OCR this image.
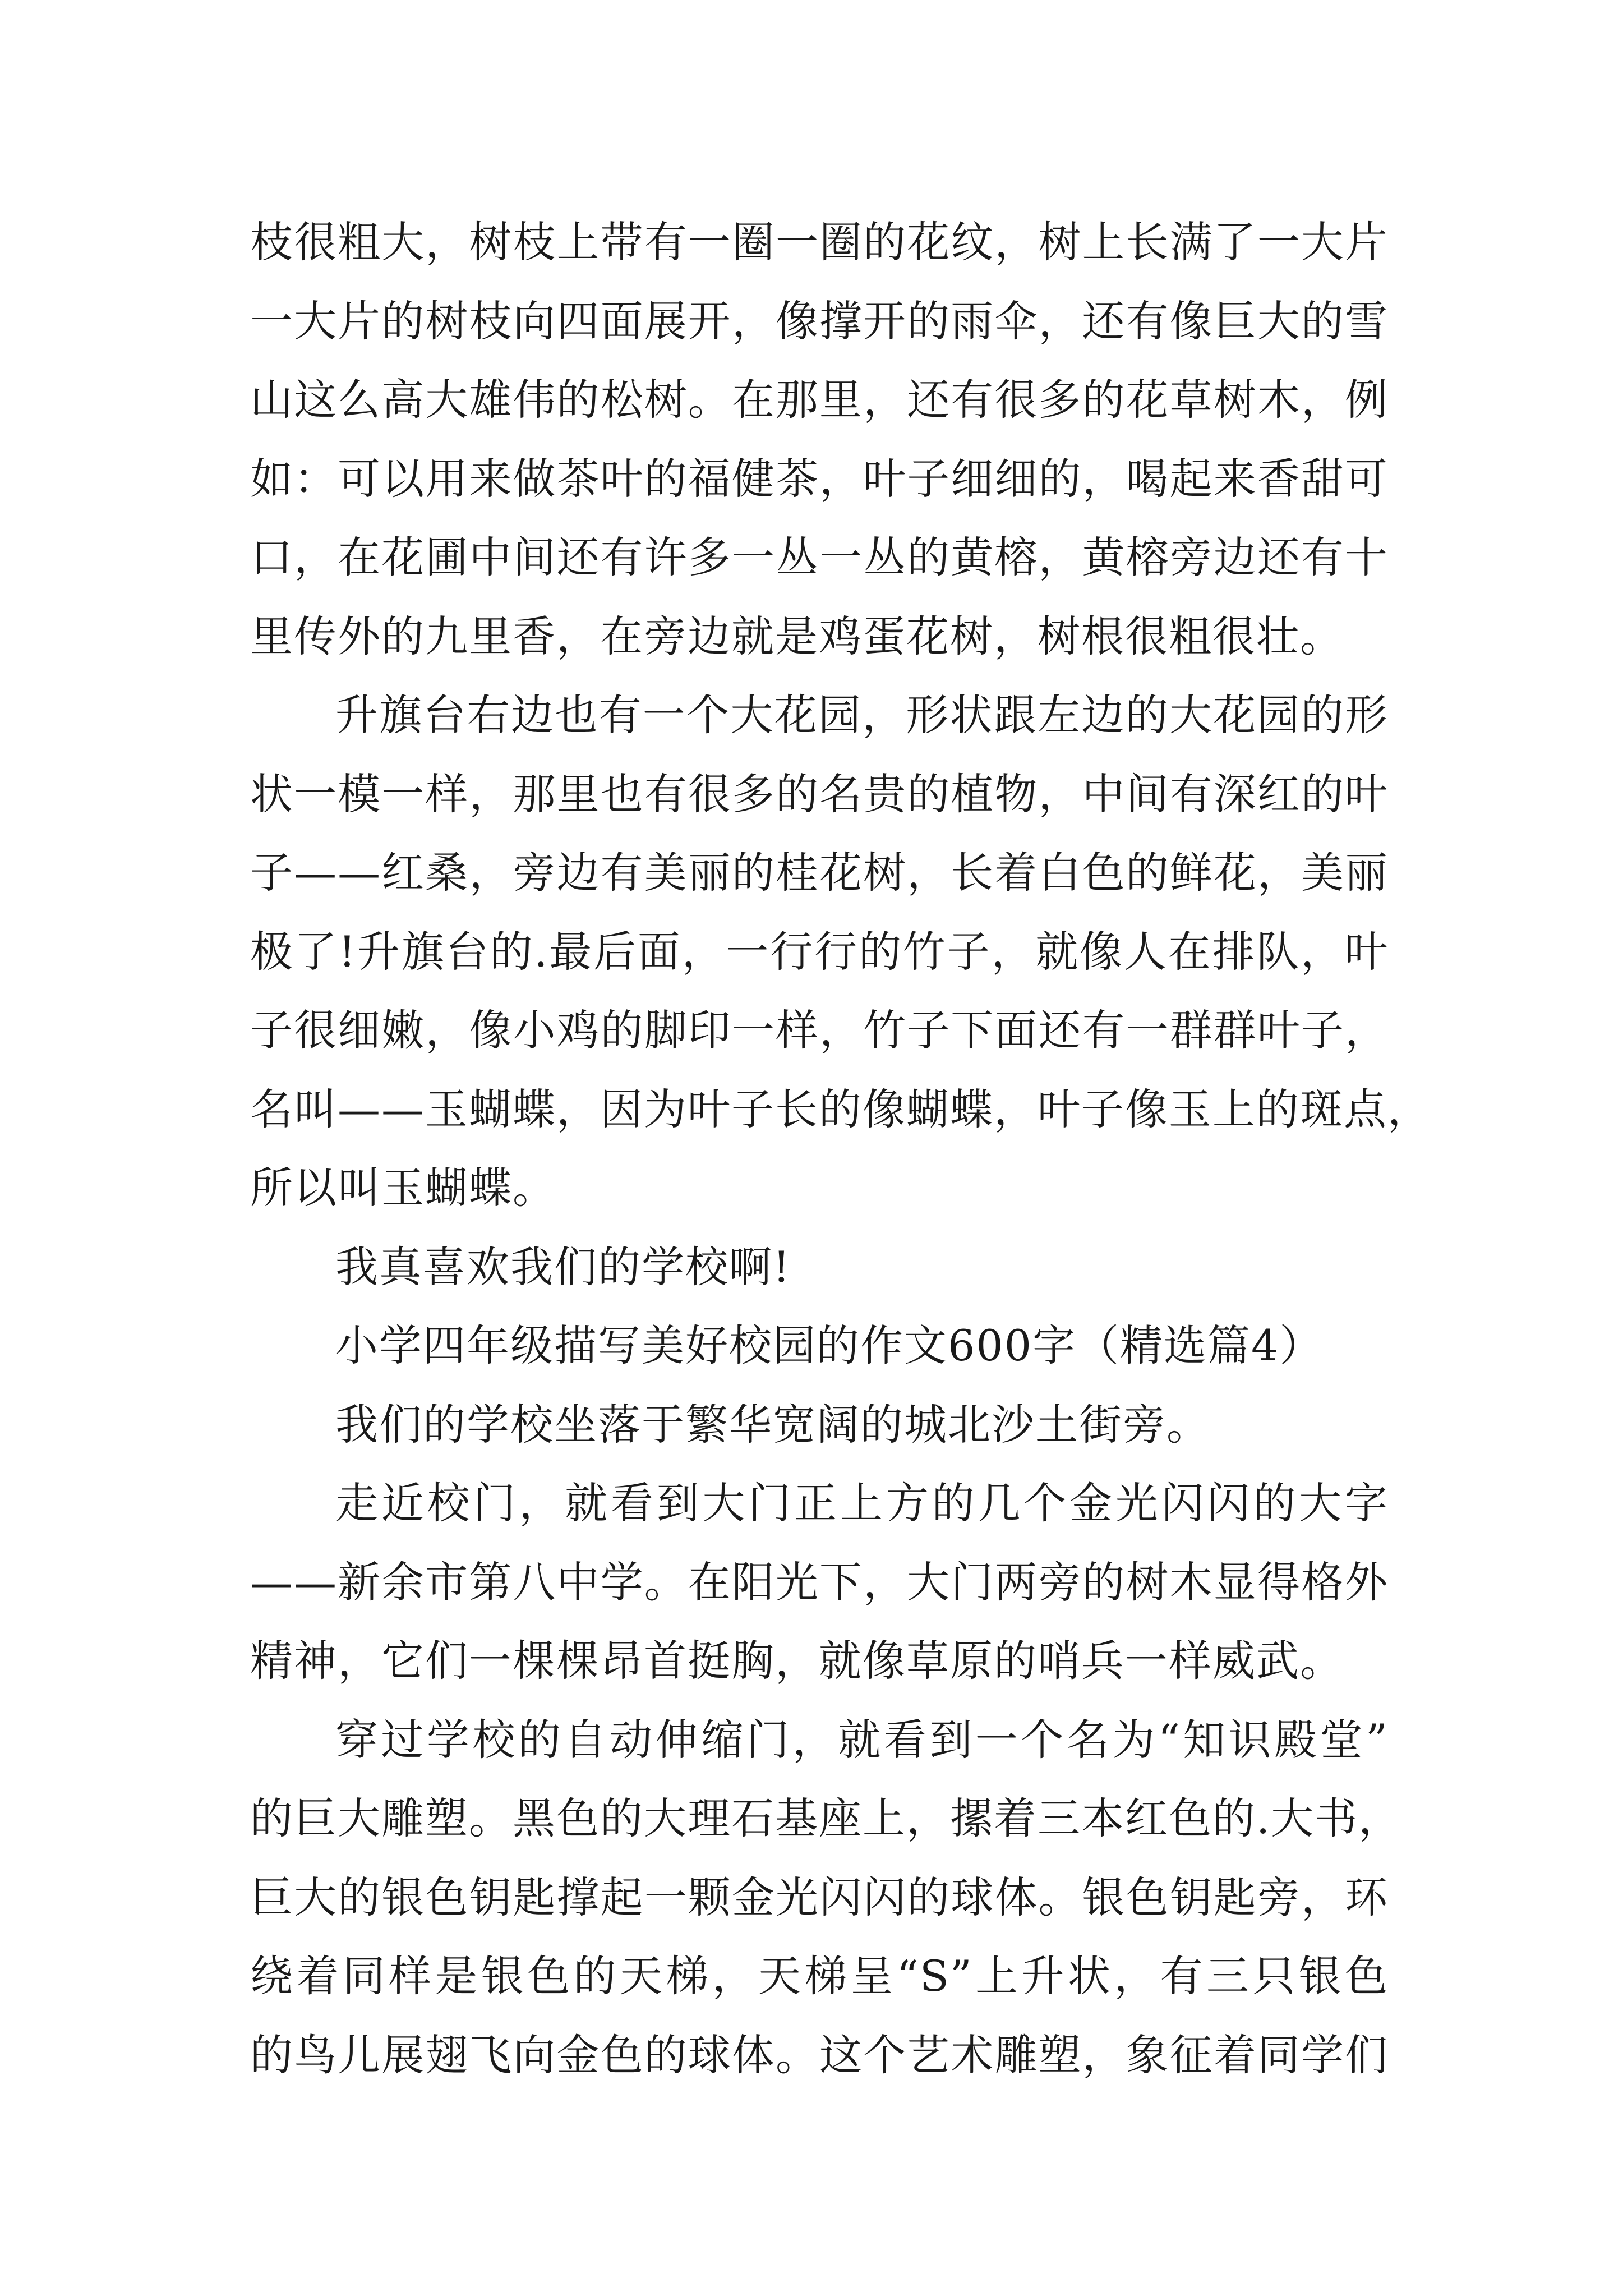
枝很粗大，树枝上带有一圈一圈的花纹，树上长满了一大片
一大片的树枝向四面展开，像撑开的雨伞，还有像巨大的雪
山这么高大雄伟的松树。在那里，还有很多的花草树木，例
如：可以用来做茶叶的福健茶，叶子细细的，喝起来香甜可
口，在花圃中间还有许多一丛一丛的黄榕，黄榕旁边还有十
里传外的九里香，在旁边就是鸡蛋花树，树根很粗很壮。
升旗台右边也有一个大花园，形状跟左边的大花园的形
状一模一样，那里也有很多的名贵的植物，中间有深红的叶
子——红桑，旁边有美丽的桂花树，长着白色的鲜花，美丽
极了!升旗台的.最后面，一行行的竹子，就像人在排队，叶
子很细嫩，像小鸡的脚印一样，竹子下面还有一群群叶子，
名叫——玉蝴蝶，因为叶子长的像蝴蝶，叶子像玉上的斑点，
所以叫玉蝴蝶。
我真喜欢我们的学校啊!
小学四年级描写美好校园的作文600字（精选篇4）
我们的学校坐落于繁华宽阔的城北沙土街旁。
走近校门，就看到大门正上方的几个金光闪闪的大字
——新余市第八中学。在阳光下，大门两旁的树木显得格外
精神，它们一棵棵昂首挺胸，就像草原的哨兵一样威武。
穿过学校的自动伸缩门，就看到一个名为“知识殿堂”
的巨大雕塑。黑色的大理石基座上，摞着三本红色的.大书，
巨大的银色钥匙撑起一颗金光闪闪的球体。银色钥匙旁，环
绕着同样是银色的天梯，天梯呈“S”上升状，有三只银色
的鸟儿展翅飞向金色的球体。这个艺术雕塑，象征着同学们
